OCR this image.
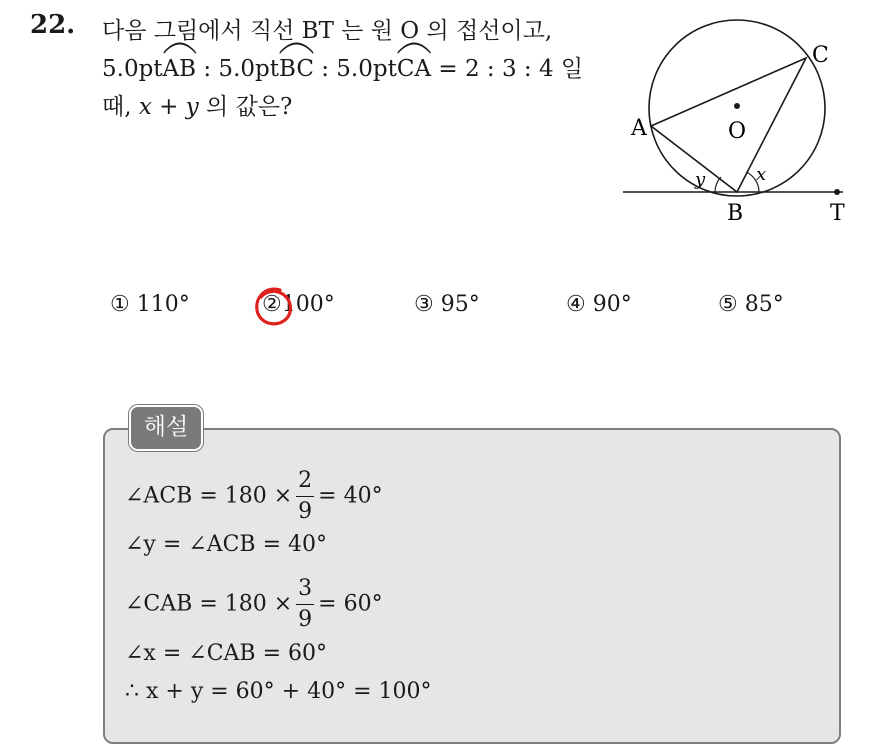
22. 다음 그림에서 직선 BT 는 원 O 의 접선이고,
5.0pt
AB : 5.0pt
BC : 5.0pt
CA = 2 : 3 : 4 일
때, x + y 의 값은?
A
C
O
B	T
x
y
① 110°	②100°	③ 95°	④ 90°	⑤ 85°
해설
∠ACB = $180 \times \frac{2}{9} = 40^\circ$
∠y = ∠ACB = 40°
∠CAB = $180 \times \frac{3}{9} = 60^\circ$
∠x = ∠CAB = 60°
∴ x + y = 60° + 40° = 100°
